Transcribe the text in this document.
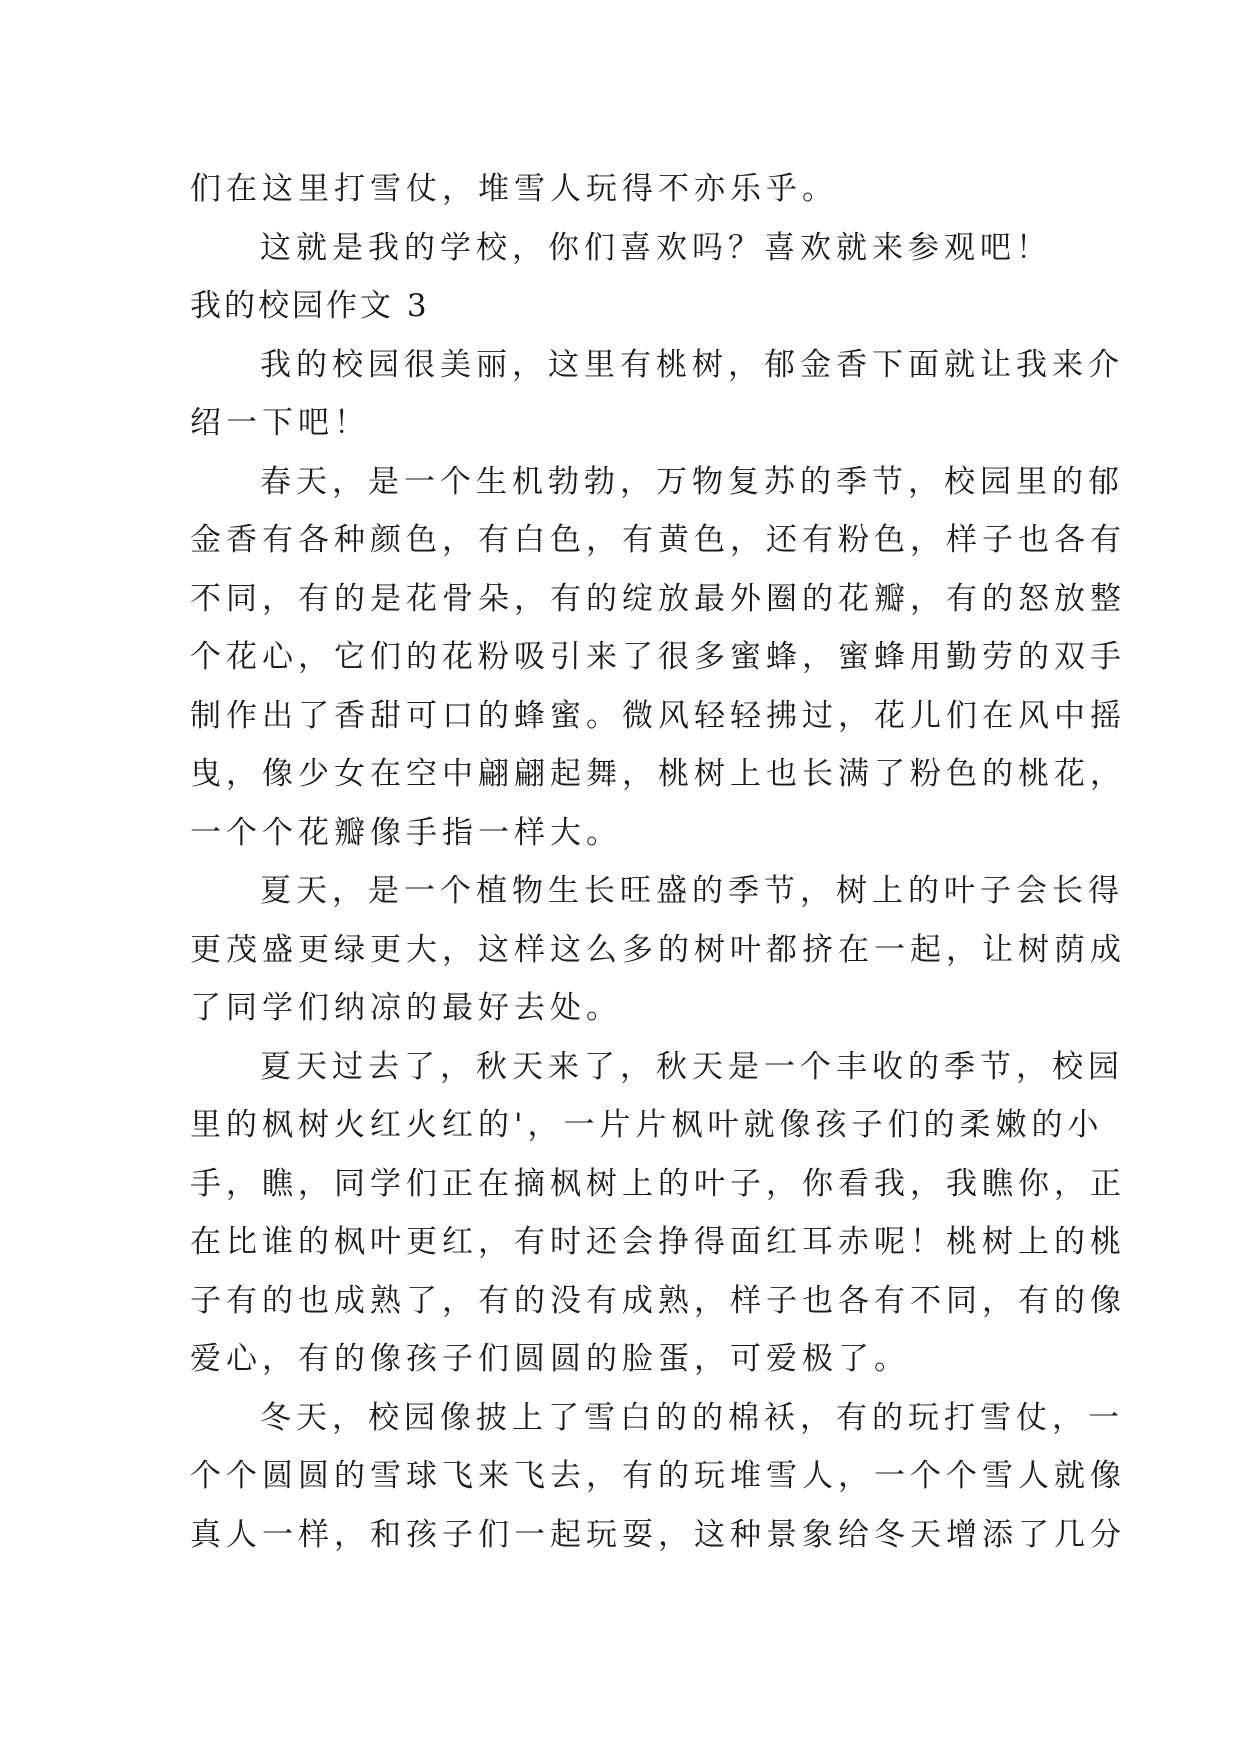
们在这里打雪仗，堆雪人玩得不亦乐乎。
这就是我的学校，你们喜欢吗？喜欢就来参观吧！
我的校园作文 3
我的校园很美丽，这里有桃树，郁金香下面就让我来介
绍一下吧！
春天，是一个生机勃勃，万物复苏的季节，校园里的郁
金香有各种颜色，有白色，有黄色，还有粉色，样子也各有
不同，有的是花骨朵，有的绽放最外圈的花瓣，有的怒放整
个花心，它们的花粉吸引来了很多蜜蜂，蜜蜂用勤劳的双手
制作出了香甜可口的蜂蜜。微风轻轻拂过，花儿们在风中摇
曳，像少女在空中翩翩起舞，桃树上也长满了粉色的桃花，
一个个花瓣像手指一样大。
夏天，是一个植物生长旺盛的季节，树上的叶子会长得
更茂盛更绿更大，这样这么多的树叶都挤在一起，让树荫成
了同学们纳凉的最好去处。
夏天过去了，秋天来了，秋天是一个丰收的季节，校园
里的枫树火红火红的'，一片片枫叶就像孩子们的柔嫩的小
手，瞧，同学们正在摘枫树上的叶子，你看我，我瞧你，正
在比谁的枫叶更红，有时还会挣得面红耳赤呢！桃树上的桃
子有的也成熟了，有的没有成熟，样子也各有不同，有的像
爱心，有的像孩子们圆圆的脸蛋，可爱极了。
冬天，校园像披上了雪白的的棉袄，有的玩打雪仗，一
个个圆圆的雪球飞来飞去，有的玩堆雪人，一个个雪人就像
真人一样，和孩子们一起玩耍，这种景象给冬天增添了几分
